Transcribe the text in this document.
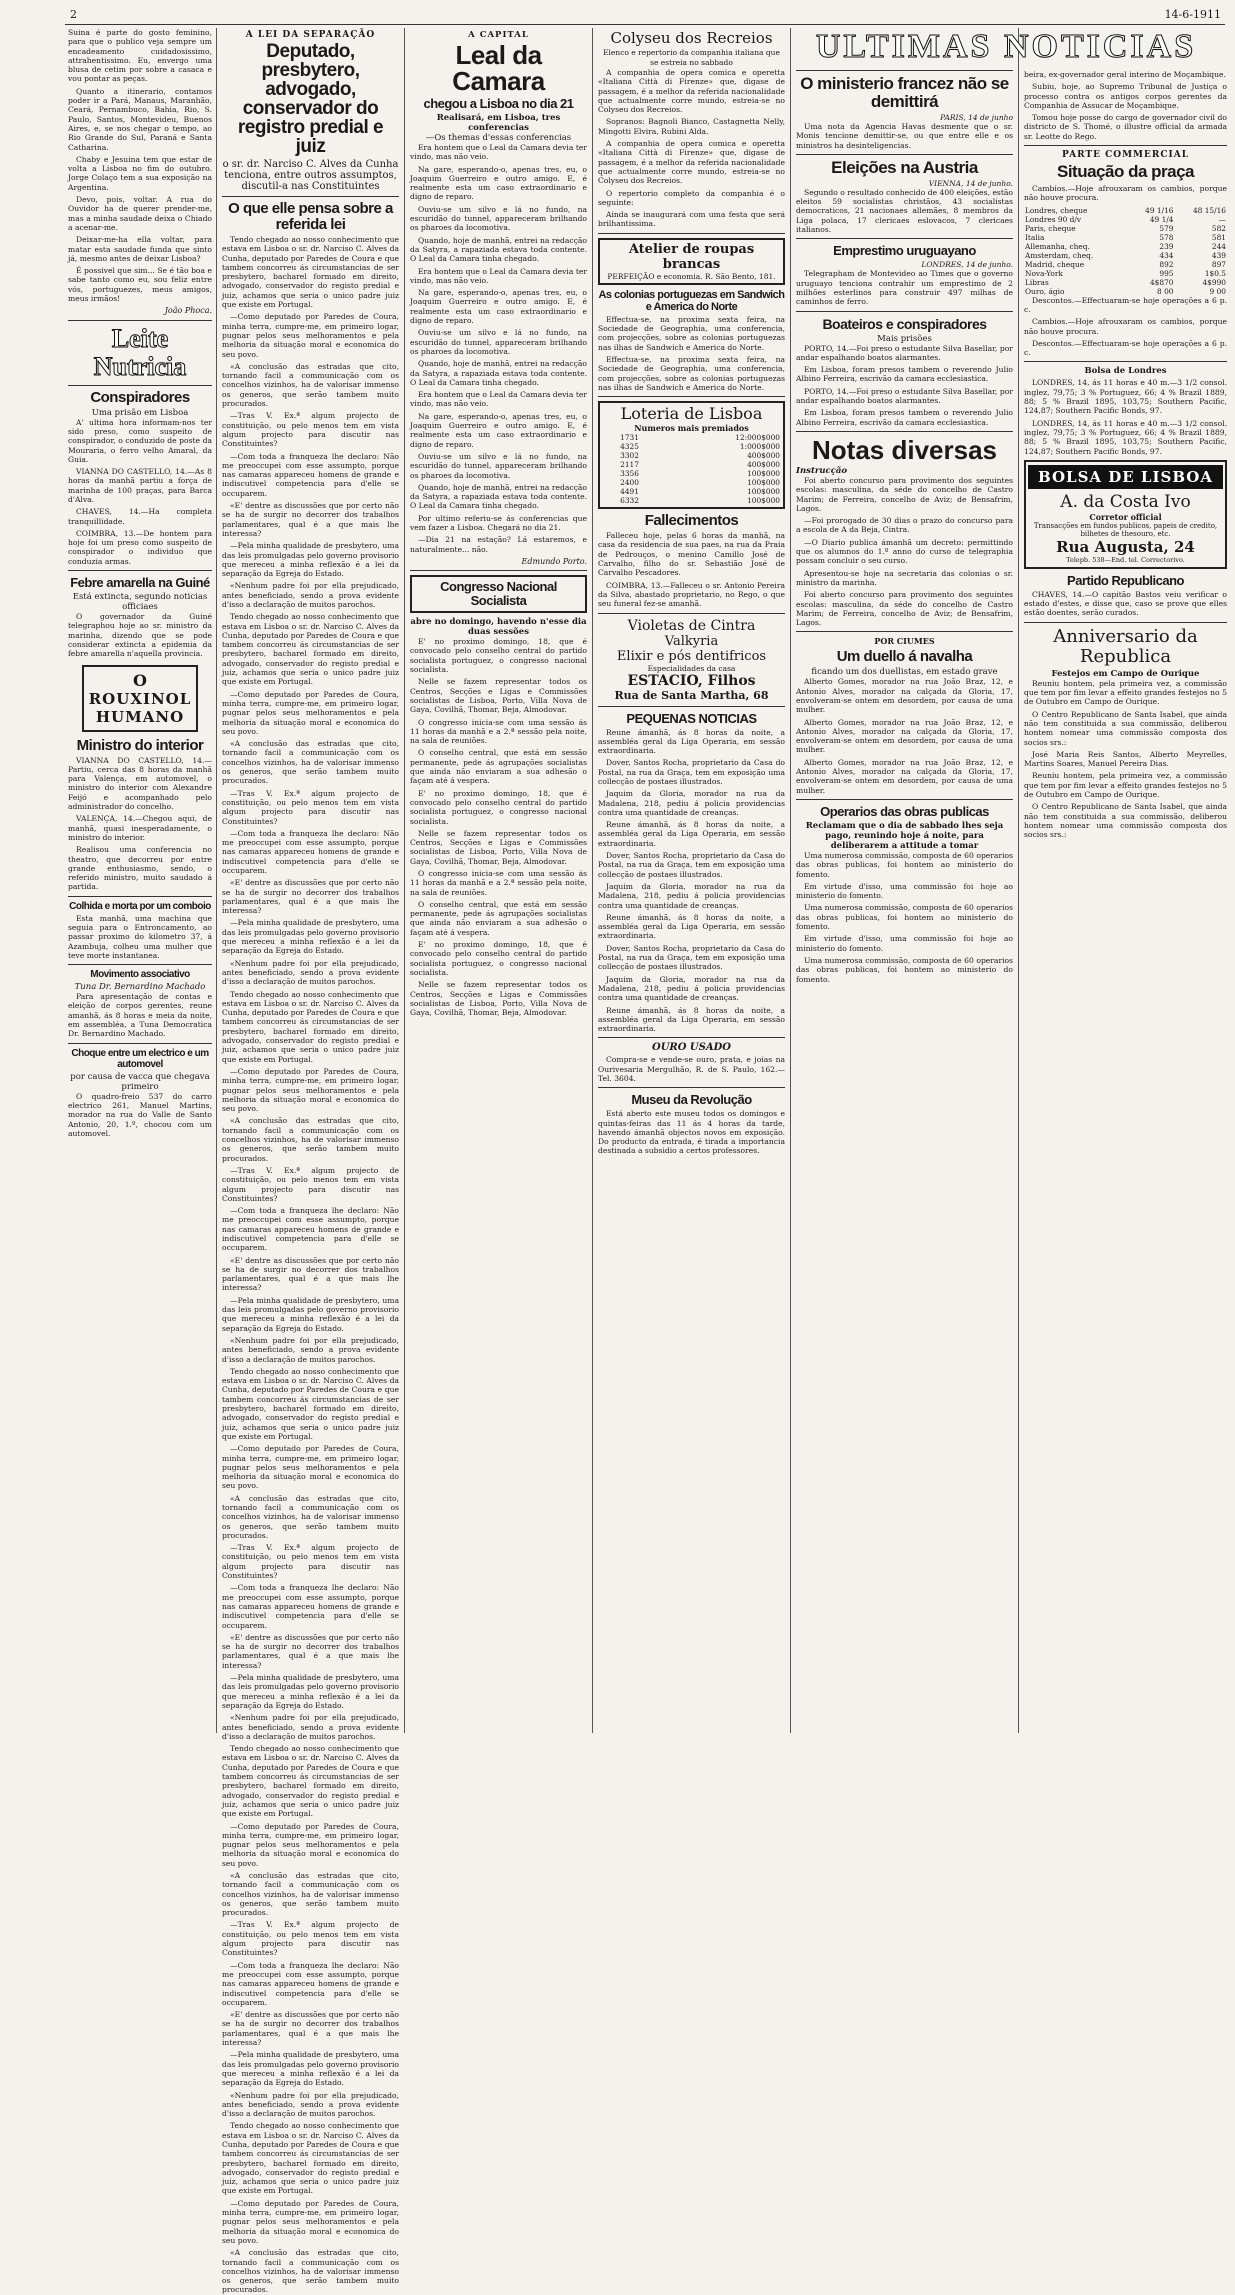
2	14-6-1911

Suina é parte do gosto feminino, para que o publico veja sempre um encadeamento cuidadosissimo, attrahentissimo. Eu, envergo uma blusa de cetim por sobre a casaca e vou pontar as peças.

Quanto a itinerario, contamos poder ir a Pará, Manaus, Maranhão, Ceará, Pernambuco, Bahia, Rio, S. Paulo, Santos, Montevideu, Buenos Aires, e, se nos chegar o tempo, ao Rio Grande do Sul, Paraná e Santa Catharina.

Chaby e Jesuina tem que estar de volta a Lisboa no fim do outubro. Jorge Colaço tem a sua exposição na Argentina.

Devo, pois, voltar. A rua do Ouvidor ha de querer prender-me, mas a minha saudade deixa o Chiado a acenar-me.

Deixar-me-ha ella voltar, para matar esta saudade funda que sinto já, mesmo antes de deixar Lisboa?

É possivel que sim... Se é tão boa e sabe tanto como eu, sou feliz entre vós, portuguezes, meus amigos, meus irmãos!

João Phoca.

Leite Nutricia
Conspiradores
Uma prisão em Lisboa

A' ultima hora informam-nos ter sido preso, como suspeito de conspirador, o conduzido de poste da Mouraria, o ferro velho Amaral, da Guia.

VIANNA DO CASTELLO, 14.—As 8 horas da manhã partiu a força de marinha de 100 praças, para Barca d'Alva.

CHAVES, 14.—Ha completa tranquillidade.

COIMBRA, 13.—De hontem para hoje foi um preso como suspeito de conspirador o individuo que conduzia armas.

Febre amarella na Guiné
Está extincta, segundo noticias officiaes

O governador da Guiné telegraphou hoje ao sr. ministro da marinha, dizendo que se pode considerar extincta a epidemia da febre amarella n'aquella provincia.

O
ROUXINOL
HUMANO
Ministro do interior

VIANNA DO CASTELLO, 14.—Partiu, cerca das 8 horas da manhã para Valença, em automovel, o ministro do interior com Alexandre Feijó e acompanhado pelo administrador do concelho.

VALENÇA, 14.—Chegou aqui, de manhã, quasi inesperadamente, o ministro do interior.

Realisou uma conferencia no theatro, que decorreu por entre grande enthusiasmo, sendo, o referido ministro, muito saudado á partida.

Colhida e morta por um comboio

Esta manhã, uma machina que seguia para o Entroncamento, ao passar proximo do kilometro 37, á Azambuja, colheu uma mulher que teve morte instantanea.

Movimento associativo
Tuna Dr. Bernardino Machado

Para apresentação de contas e eleição de corpos gerentes, reune amanhã, ás 8 horas e meia da noite, em assembléa, a Tuna Democratica Dr. Bernardino Machado.

Choque entre um electrico e um automovel
por causa de vacca que chegava primeiro

O quadro-freio 537 do carro electrico 261, Manuel Martins, morador na rua do Valle de Santo Antonio, 20, 1.º, chocou com um automovel.

A LEI DA SEPARAÇÃO
Deputado, presbytero, advogado, conservador do registro predial e juiz
o sr. dr. Narciso C. Alves da Cunha tenciona, entre outros assumptos, discutil-a nas Constituintes
O que elle pensa sobre a referida lei

Tendo chegado ao nosso conhecimento que estava em Lisboa o sr. dr. Narciso C. Alves da Cunha, deputado por Paredes de Coura e que tambem concorreu ás circumstancias de ser presbytero, bacharel formado em direito, advogado, conservador do registo predial e juiz, achamos que seria o unico padre juiz que existe em Portugal.

—Como deputado por Paredes de Coura, minha terra, cumpre-me, em primeiro logar, pugnar pelos seus melhoramentos e pela melhoria da situação moral e economica do seu povo.

«A conclusão das estradas que cito, tornando facil a communicação com os concelhos vizinhos, ha de valorisar immenso os generos, que serão tambem muito procurados.

—Tras V. Ex.ª algum projecto de constituição, ou pelo menos tem em vista algum projecto para discutir nas Constituintes?

—Com toda a franqueza lhe declaro: Não me preoccupei com esse assumpto, porque nas camaras appareceu homens de grande e indiscutivel competencia para d'elle se occuparem.

«E' dentre as discussões que por certo não se ha de surgir no decorrer dos trabalhos parlamentares, qual é a que mais lhe interessa?

—Pela minha qualidade de presbytero, uma das leis promulgadas pelo governo provisorio que mereceu a minha reflexão é a lei da separação da Egreja do Estado.

«Nenhum padre foi por ella prejudicado, antes beneficiado, sendo a prova evidente d'isso a declaração de muitos parochos.

Tendo chegado ao nosso conhecimento que estava em Lisboa o sr. dr. Narciso C. Alves da Cunha, deputado por Paredes de Coura e que tambem concorreu ás circumstancias de ser presbytero, bacharel formado em direito, advogado, conservador do registo predial e juiz, achamos que seria o unico padre juiz que existe em Portugal.

—Como deputado por Paredes de Coura, minha terra, cumpre-me, em primeiro logar, pugnar pelos seus melhoramentos e pela melhoria da situação moral e economica do seu povo.

«A conclusão das estradas que cito, tornando facil a communicação com os concelhos vizinhos, ha de valorisar immenso os generos, que serão tambem muito procurados.

—Tras V. Ex.ª algum projecto de constituição, ou pelo menos tem em vista algum projecto para discutir nas Constituintes?

—Com toda a franqueza lhe declaro: Não me preoccupei com esse assumpto, porque nas camaras appareceu homens de grande e indiscutivel competencia para d'elle se occuparem.

«E' dentre as discussões que por certo não se ha de surgir no decorrer dos trabalhos parlamentares, qual é a que mais lhe interessa?

—Pela minha qualidade de presbytero, uma das leis promulgadas pelo governo provisorio que mereceu a minha reflexão é a lei da separação da Egreja do Estado.

«Nenhum padre foi por ella prejudicado, antes beneficiado, sendo a prova evidente d'isso a declaração de muitos parochos.

Tendo chegado ao nosso conhecimento que estava em Lisboa o sr. dr. Narciso C. Alves da Cunha, deputado por Paredes de Coura e que tambem concorreu ás circumstancias de ser presbytero, bacharel formado em direito, advogado, conservador do registo predial e juiz, achamos que seria o unico padre juiz que existe em Portugal.

—Como deputado por Paredes de Coura, minha terra, cumpre-me, em primeiro logar, pugnar pelos seus melhoramentos e pela melhoria da situação moral e economica do seu povo.

«A conclusão das estradas que cito, tornando facil a communicação com os concelhos vizinhos, ha de valorisar immenso os generos, que serão tambem muito procurados.

—Tras V. Ex.ª algum projecto de constituição, ou pelo menos tem em vista algum projecto para discutir nas Constituintes?

—Com toda a franqueza lhe declaro: Não me preoccupei com esse assumpto, porque nas camaras appareceu homens de grande e indiscutivel competencia para d'elle se occuparem.

«E' dentre as discussões que por certo não se ha de surgir no decorrer dos trabalhos parlamentares, qual é a que mais lhe interessa?

—Pela minha qualidade de presbytero, uma das leis promulgadas pelo governo provisorio que mereceu a minha reflexão é a lei da separação da Egreja do Estado.

«Nenhum padre foi por ella prejudicado, antes beneficiado, sendo a prova evidente d'isso a declaração de muitos parochos.

Tendo chegado ao nosso conhecimento que estava em Lisboa o sr. dr. Narciso C. Alves da Cunha, deputado por Paredes de Coura e que tambem concorreu ás circumstancias de ser presbytero, bacharel formado em direito, advogado, conservador do registo predial e juiz, achamos que seria o unico padre juiz que existe em Portugal.

—Como deputado por Paredes de Coura, minha terra, cumpre-me, em primeiro logar, pugnar pelos seus melhoramentos e pela melhoria da situação moral e economica do seu povo.

«A conclusão das estradas que cito, tornando facil a communicação com os concelhos vizinhos, ha de valorisar immenso os generos, que serão tambem muito procurados.

—Tras V. Ex.ª algum projecto de constituição, ou pelo menos tem em vista algum projecto para discutir nas Constituintes?

—Com toda a franqueza lhe declaro: Não me preoccupei com esse assumpto, porque nas camaras appareceu homens de grande e indiscutivel competencia para d'elle se occuparem.

«E' dentre as discussões que por certo não se ha de surgir no decorrer dos trabalhos parlamentares, qual é a que mais lhe interessa?

—Pela minha qualidade de presbytero, uma das leis promulgadas pelo governo provisorio que mereceu a minha reflexão é a lei da separação da Egreja do Estado.

«Nenhum padre foi por ella prejudicado, antes beneficiado, sendo a prova evidente d'isso a declaração de muitos parochos.

Tendo chegado ao nosso conhecimento que estava em Lisboa o sr. dr. Narciso C. Alves da Cunha, deputado por Paredes de Coura e que tambem concorreu ás circumstancias de ser presbytero, bacharel formado em direito, advogado, conservador do registo predial e juiz, achamos que seria o unico padre juiz que existe em Portugal.

—Como deputado por Paredes de Coura, minha terra, cumpre-me, em primeiro logar, pugnar pelos seus melhoramentos e pela melhoria da situação moral e economica do seu povo.

«A conclusão das estradas que cito, tornando facil a communicação com os concelhos vizinhos, ha de valorisar immenso os generos, que serão tambem muito procurados.

—Tras V. Ex.ª algum projecto de constituição, ou pelo menos tem em vista algum projecto para discutir nas Constituintes?

—Com toda a franqueza lhe declaro: Não me preoccupei com esse assumpto, porque nas camaras appareceu homens de grande e indiscutivel competencia para d'elle se occuparem.

«E' dentre as discussões que por certo não se ha de surgir no decorrer dos trabalhos parlamentares, qual é a que mais lhe interessa?

—Pela minha qualidade de presbytero, uma das leis promulgadas pelo governo provisorio que mereceu a minha reflexão é a lei da separação da Egreja do Estado.

«Nenhum padre foi por ella prejudicado, antes beneficiado, sendo a prova evidente d'isso a declaração de muitos parochos.

Tendo chegado ao nosso conhecimento que estava em Lisboa o sr. dr. Narciso C. Alves da Cunha, deputado por Paredes de Coura e que tambem concorreu ás circumstancias de ser presbytero, bacharel formado em direito, advogado, conservador do registo predial e juiz, achamos que seria o unico padre juiz que existe em Portugal.

—Como deputado por Paredes de Coura, minha terra, cumpre-me, em primeiro logar, pugnar pelos seus melhoramentos e pela melhoria da situação moral e economica do seu povo.

«A conclusão das estradas que cito, tornando facil a communicação com os concelhos vizinhos, ha de valorisar immenso os generos, que serão tambem muito procurados.

A CAPITAL
Leal da Camara
chegou a Lisboa no dia 21
Realisará, em Lisboa, tres conferencias
—Os themas d'essas conferencias

Era hontem que o Leal da Camara devia ter vindo, mas não veio.

Na gare, esperando-o, apenas tres, eu, o Joaquim Guerreiro e outro amigo. E, é realmente esta um caso extraordinario e digno de reparo.

Ouviu-se um silvo e lá no fundo, na escuridão do tunnel, appareceram brilhando os pharoes da locomotiva.

Quando, hoje de manhã, entrei na redacção da Satyra, a rapaziada estava toda contente. O Leal da Camara tinha chegado.

Era hontem que o Leal da Camara devia ter vindo, mas não veio.

Na gare, esperando-o, apenas tres, eu, o Joaquim Guerreiro e outro amigo. E, é realmente esta um caso extraordinario e digno de reparo.

Ouviu-se um silvo e lá no fundo, na escuridão do tunnel, appareceram brilhando os pharoes da locomotiva.

Quando, hoje de manhã, entrei na redacção da Satyra, a rapaziada estava toda contente. O Leal da Camara tinha chegado.

Era hontem que o Leal da Camara devia ter vindo, mas não veio.

Na gare, esperando-o, apenas tres, eu, o Joaquim Guerreiro e outro amigo. E, é realmente esta um caso extraordinario e digno de reparo.

Ouviu-se um silvo e lá no fundo, na escuridão do tunnel, appareceram brilhando os pharoes da locomotiva.

Quando, hoje de manhã, entrei na redacção da Satyra, a rapaziada estava toda contente. O Leal da Camara tinha chegado.

Por ultimo referiu-se ás conferencias que vem fazer a Lisboa. Chegará no dia 21.

—Dia 21 na estação? Lá estaremos, e naturalmente... não.

Edmundo Porto.

Congresso Nacional Socialista
abre no domingo, havendo n'esse dia duas sessões

E' no proximo domingo, 18, que é convocado pelo conselho central do partido socialista portuguez, o congresso nacional socialista.

Nelle se fazem representar todos os Centros, Secções e Ligas e Commissões socialistas de Lisboa, Porto, Villa Nova de Gaya, Covilhã, Thomar, Beja, Almodovar.

O congresso inicia-se com uma sessão ás 11 horas da manhã e a 2.ª sessão pela noite, na sala de reuniões.

O conselho central, que está em sessão permanente, pede ás agrupações socialistas que ainda não enviaram a sua adhesão o façam até á vespera.

E' no proximo domingo, 18, que é convocado pelo conselho central do partido socialista portuguez, o congresso nacional socialista.

Nelle se fazem representar todos os Centros, Secções e Ligas e Commissões socialistas de Lisboa, Porto, Villa Nova de Gaya, Covilhã, Thomar, Beja, Almodovar.

O congresso inicia-se com uma sessão ás 11 horas da manhã e a 2.ª sessão pela noite, na sala de reuniões.

O conselho central, que está em sessão permanente, pede ás agrupações socialistas que ainda não enviaram a sua adhesão o façam até á vespera.

E' no proximo domingo, 18, que é convocado pelo conselho central do partido socialista portuguez, o congresso nacional socialista.

Nelle se fazem representar todos os Centros, Secções e Ligas e Commissões socialistas de Lisboa, Porto, Villa Nova de Gaya, Covilhã, Thomar, Beja, Almodovar.

Colyseu dos Recreios
Elenco e repertorio da companhia italiana que se estreia no sabbado

A companhia de opera comica e operetta «Italiana Città di Firenze» que, digase de passagem, é a melhor da referida nacionalidade que actualmente corre mundo, estreia-se no Colyseu dos Recreios.

Sopranos: Bagnoli Bianco, Castagnetta Nelly, Mingotti Elvira, Rubini Alda.

A companhia de opera comica e operetta «Italiana Città di Firenze» que, digase de passagem, é a melhor da referida nacionalidade que actualmente corre mundo, estreia-se no Colyseu dos Recreios.

O repertorio completo da companhia é o seguinte:

Ainda se inaugurará com uma festa que será brilhantissima.

Atelier de roupas brancas
PERFEIÇÃO e economia. R. São Bento, 181.
As colonias portuguezas em Sandwich e America do Norte

Effectua-se, na proxima sexta feira, na Sociedade de Geographia, uma conferencia, com projecções, sobre as colonias portuguezas nas ilhas de Sandwich e America do Norte.

Effectua-se, na proxima sexta feira, na Sociedade de Geographia, uma conferencia, com projecções, sobre as colonias portuguezas nas ilhas de Sandwich e America do Norte.

Loteria de Lisboa
Numeros mais premiados
1731	12:000$000
4325	1:000$000
3302	400$000
2117	400$000
3356	100$000
2400	100$000
4491	100$000
6332	100$000
Fallecimentos

Falleceu hoje, pelas 6 horas da manhã, na casa da residencia de sua paes, na rua da Praia de Pedrouços, o menino Camillo José de Carvalho, filho do sr. Sebastião José de Carvalho Pescadores.

COIMBRA, 13.—Falleceu o sr. Antonio Pereira da Silva, abastado proprietario, no Rego, o que seu funeral fez-se amanhã.

Violetas de Cintra
Valkyria
Elixir e pós dentifricos
Especialidades da casa
ESTACIO, Filhos
Rua de Santa Martha, 68
PEQUENAS NOTICIAS

Reune ámanhã, ás 8 horas da noite, a assembléa geral da Liga Operaria, em sessão extraordinaria.

Dover, Santos Rocha, proprietario da Casa do Postal, na rua da Graça, tem em exposição uma collecção de postaes illustrados.

Jaquim da Gloria, morador na rua da Madalena, 218, pediu á policia providencias contra uma quantidade de creanças.

Reune ámanhã, ás 8 horas da noite, a assembléa geral da Liga Operaria, em sessão extraordinaria.

Dover, Santos Rocha, proprietario da Casa do Postal, na rua da Graça, tem em exposição uma collecção de postaes illustrados.

Jaquim da Gloria, morador na rua da Madalena, 218, pediu á policia providencias contra uma quantidade de creanças.

Reune ámanhã, ás 8 horas da noite, a assembléa geral da Liga Operaria, em sessão extraordinaria.

Dover, Santos Rocha, proprietario da Casa do Postal, na rua da Graça, tem em exposição uma collecção de postaes illustrados.

Jaquim da Gloria, morador na rua da Madalena, 218, pediu á policia providencias contra uma quantidade de creanças.

Reune ámanhã, ás 8 horas da noite, a assembléa geral da Liga Operaria, em sessão extraordinaria.

OURO USADO

Compra-se e vende-se ouro, prata, e joias na Ourivesaria Mergulhão, R. de S. Paulo, 162.—Tel. 3604.

Museu da Revolução

Está aberto este museu todos os domingos e quintas-feiras das 11 ás 4 horas da tarde, havendo ámanhã objectos novos em exposição. Do producto da entrada, é tirada a importancia destinada a subsidio a certos professores.

ULTIMAS NOTICIAS
O ministerio francez não se demittirá
PARIS, 14 de junho

Uma nota da Agencia Havas desmente que o sr. Monis tencione demittir-se, ou que entre elle e os ministros ha desinteligencias.

Eleições na Austria
VIENNA, 14 de junho.

Segundo o resultado conhecido de 400 eleições, estão eleitos 59 socialistas christãos, 43 socialistas democraticos, 21 nacionaes allemães, 8 membros da Liga polaca, 17 clericaes eslovacos, 7 clericaes italianos.

Emprestimo uruguayano
LONDRES, 14 de junho.

Telegrapham de Montevideo ao Times que o governo uruguayo tenciona contrahir um emprestimo de 2 milhões esterlinos para construir 497 milhas de caminhos de ferro.

Boateiros e conspiradores
Mais prisões

PORTO, 14.—Foi preso o estudante Silva Basellar, por andar espalhando boatos alarmantes.

Em Lisboa, foram presos tambem o reverendo Julio Albino Ferreira, escrivão da camara ecclesiastica.

PORTO, 14.—Foi preso o estudante Silva Basellar, por andar espalhando boatos alarmantes.

Em Lisboa, foram presos tambem o reverendo Julio Albino Ferreira, escrivão da camara ecclesiastica.

Notas diversas
Instrucção

Foi aberto concurso para provimento dos seguintes escolas: masculina, da séde do concelho de Castro Marim; de Ferreira, concelho de Aviz; de Bensafrim, Lagos.

—Foi prorogado de 30 dias o prazo do concurso para a escola de A da Beja, Cintra.

—O Diario publica ámanhã um decreto: permittindo que os alumnos do 1.º anno do curso de telegraphia possam concluir o seu curso.

Apresentou-se hoje na secretaria das colonias o sr. ministro da marinha.

Foi aberto concurso para provimento dos seguintes escolas: masculina, da séde do concelho de Castro Marim; de Ferreira, concelho de Aviz; de Bensafrim, Lagos.

POR CIUMES
Um duello á navalha
ficando um dos duellistas, em estado grave

Alberto Gomes, morador na rua João Braz, 12, e Antonio Alves, morador na calçada da Gloria, 17, envolveram-se ontem em desordem, por causa de uma mulher.

Alberto Gomes, morador na rua João Braz, 12, e Antonio Alves, morador na calçada da Gloria, 17, envolveram-se ontem em desordem, por causa de uma mulher.

Alberto Gomes, morador na rua João Braz, 12, e Antonio Alves, morador na calçada da Gloria, 17, envolveram-se ontem em desordem, por causa de uma mulher.

Operarios das obras publicas
Reclamam que o dia de sabbado lhes seja pago, reunindo hoje á noite, para deliberarem a attitude a tomar

Uma numerosa commissão, composta de 60 operarios das obras publicas, foi hontem ao ministerio do fomento.

Em virtude d'isso, uma commissão foi hoje ao ministerio do fomento.

Uma numerosa commissão, composta de 60 operarios das obras publicas, foi hontem ao ministerio do fomento.

Em virtude d'isso, uma commissão foi hoje ao ministerio do fomento.

Uma numerosa commissão, composta de 60 operarios das obras publicas, foi hontem ao ministerio do fomento.

beira, ex-governador geral interino de Moçambique.

Subiu, hoje, ao Supremo Tribunal de Justiça o processo contra os antigos corpos gerentes da Companhia de Assucar de Moçambique.

Tomou hoje posse do cargo de governador civil do districto de S. Thomé, o illustre official da armada sr. Leotte do Rego.

PARTE COMMERCIAL
Situação da praça

Cambios.—Hoje afrouxaram os cambios, porque não houve procura.

Londres, cheque	49 1/16	48 15/16
Londres 90 d/v	49 1/4	—
Paris, cheque	579	582
Italia	578	581
Allemanha, cheq.	239	244
Amsterdam, cheq.	434	439
Madrid, cheque	892	897
Nova-York	995	1$0.5
Libras	4$870	4$990
Ouro, ágio	8 00	9 00

Descontos.—Effectuaram-se hoje operações a 6 p. c.

Cambios.—Hoje afrouxaram os cambios, porque não houve procura.

Descontos.—Effectuaram-se hoje operações a 6 p. c.

Bolsa de Londres

LONDRES, 14, ás 11 horas e 40 m.—3 1/2 consol. inglez, 79,75; 3 % Portuguez, 66; 4 % Brazil 1889, 88; 5 % Brazil 1895, 103,75; Southern Pacific, 124,87; Southern Pacific Bonds, 97.

LONDRES, 14, ás 11 horas e 40 m.—3 1/2 consol. inglez, 79,75; 3 % Portuguez, 66; 4 % Brazil 1889, 88; 5 % Brazil 1895, 103,75; Southern Pacific, 124,87; Southern Pacific Bonds, 97.

BOLSA DE LISBOA
A. da Costa Ivo
Corretor official
Transacções em fundos publicos, papeis de credito, bilhetes de thesouro, etc.
Rua Augusta, 24
Telepb. 538—End. tel. Correctorivo.
Partido Republicano

CHAVES, 14.—O capitão Bastos veiu verificar o estado d'estes, e disse que, caso se prove que elles estão doentes, serão curados.

Anniversario da Republica
Festejos em Campo de Ourique

Reuniu hontem, pela primeira vez, a commissão que tem por fim levar a effeito grandes festejos no 5 de Outubro em Campo de Ourique.

O Centro Republicano de Santa Isabel, que ainda não tem constituida a sua commissão, deliberou hontem nomear uma commissão composta dos socios srs.:

José Maria Reis Santos, Alberto Meyrelles, Martins Soares, Manuel Pereira Dias.

Reuniu hontem, pela primeira vez, a commissão que tem por fim levar a effeito grandes festejos no 5 de Outubro em Campo de Ourique.

O Centro Republicano de Santa Isabel, que ainda não tem constituida a sua commissão, deliberou hontem nomear uma commissão composta dos socios srs.:
